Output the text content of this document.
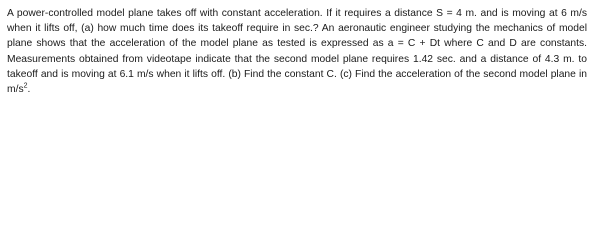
A power-controlled model plane takes off with constant acceleration. If it requires a distance S = 4 m. and is moving at 6 m/s when it lifts off, (a) how much time does its takeoff require in sec.? An aeronautic engineer studying the mechanics of model plane shows that the acceleration of the model plane as tested is expressed as a = C + Dt where C and D are constants. Measurements obtained from videotape indicate that the second model plane requires 1.42 sec. and a distance of 4.3 m. to takeoff and is moving at 6.1 m/s when it lifts off. (b) Find the constant C. (c) Find the acceleration of the second model plane in $m/s^2$.
